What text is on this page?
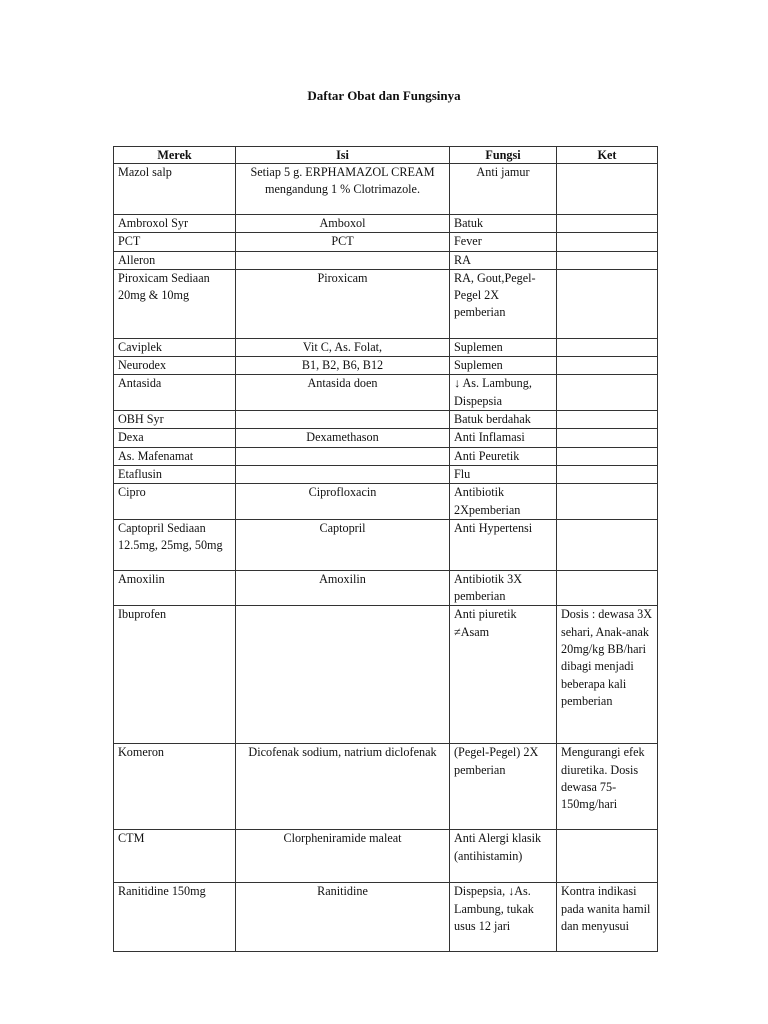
Daftar Obat dan Fungsinya
Merek	Isi	Fungsi	Ket
Mazol salp	Setiap 5 g. ERPHAMAZOL CREAM mengandung 1 % Clotrimazole.	Anti jamur	
Ambroxol Syr	Amboxol	Batuk	
PCT	PCT	Fever	
Alleron		RA	
Piroxicam Sediaan 20mg & 10mg	Piroxicam	RA, Gout,Pegel-Pegel 2X pemberian	
Caviplek	Vit C, As. Folat,	Suplemen	
Neurodex	B1, B2, B6, B12	Suplemen	
Antasida	Antasida doen	↓ As. Lambung, Dispepsia	
OBH Syr		Batuk berdahak	
Dexa	Dexamethason	Anti Inflamasi	
As. Mafenamat		Anti Peuretik	
Etaflusin		Flu	
Cipro	Ciprofloxacin	Antibiotik 2Xpemberian	
Captopril Sediaan 12.5mg, 25mg, 50mg	Captopril	Anti Hypertensi	
Amoxilin	Amoxilin	Antibiotik 3X pemberian	
Ibuprofen		Anti piuretik ≠Asam	Dosis : dewasa 3X sehari, Anak-anak 20mg/kg BB/hari dibagi menjadi beberapa kali pemberian
Komeron	Dicofenak sodium, natrium diclofenak	(Pegel-Pegel) 2X pemberian	Mengurangi efek diuretika. Dosis dewasa 75-150mg/hari
CTM	Clorpheniramide maleat	Anti Alergi klasik (antihistamin)	
Ranitidine 150mg	Ranitidine	Dispepsia, ↓As. Lambung, tukak usus 12 jari	Kontra indikasi pada wanita hamil dan menyusui
